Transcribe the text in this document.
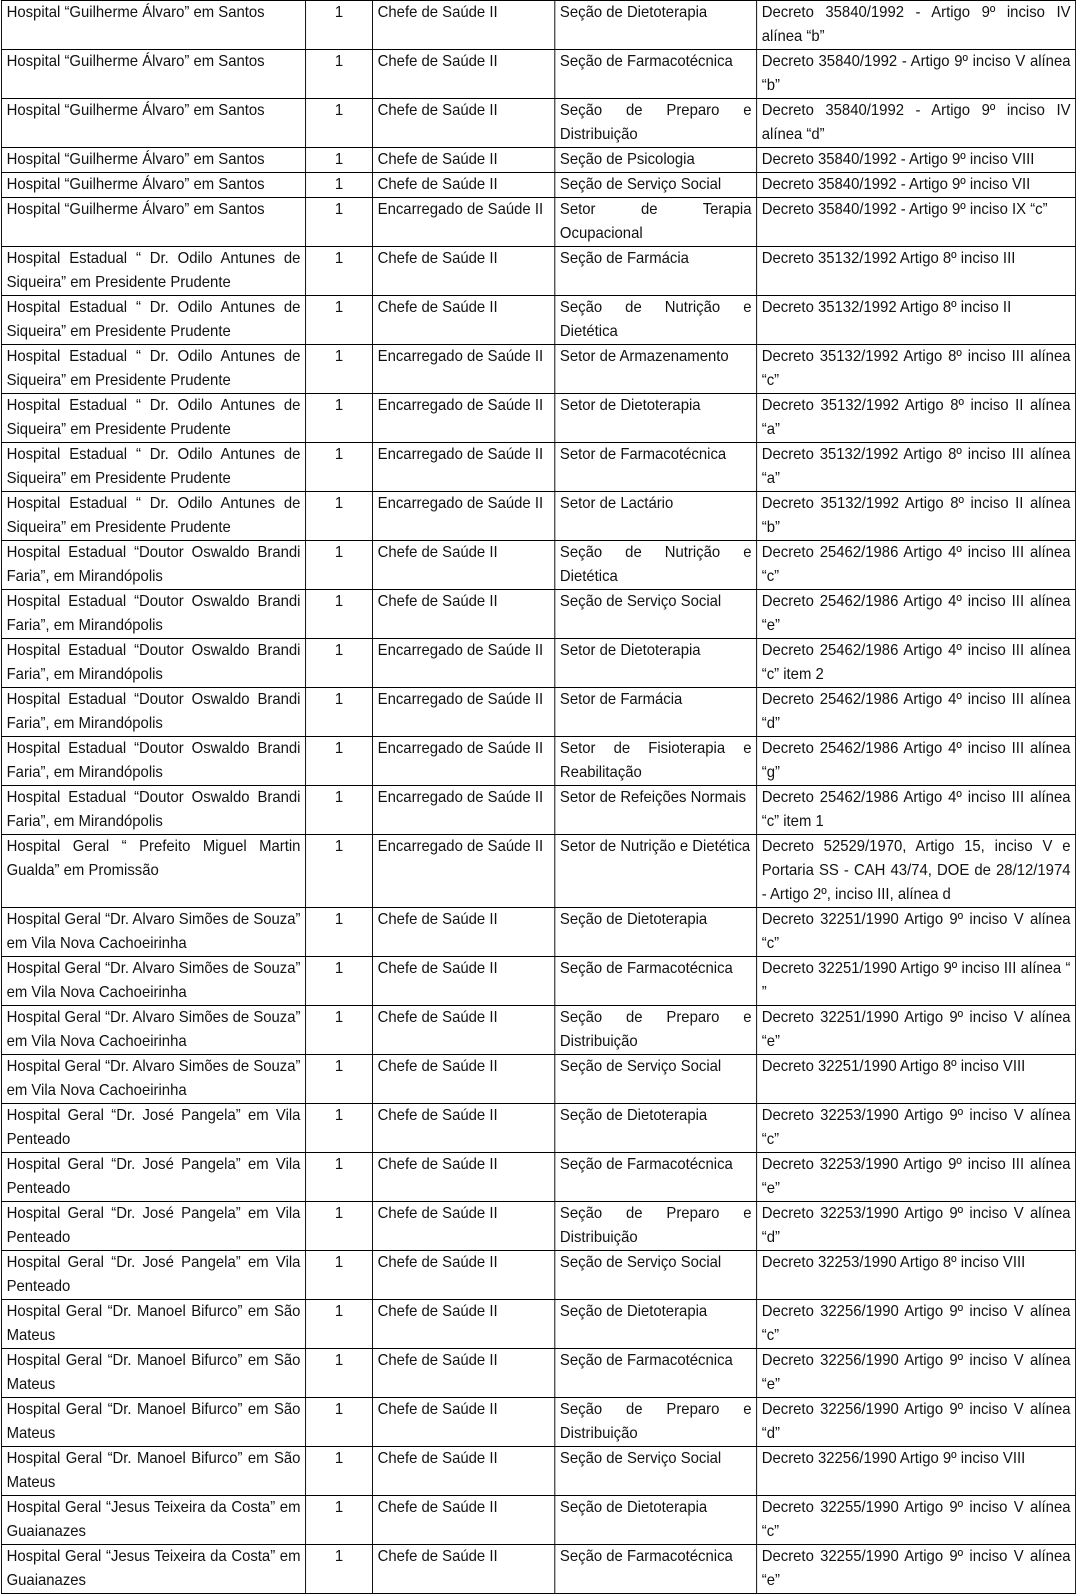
Hospital “Guilherme Álvaro” em Santos	1	Chefe de Saúde II	Seção de Dietoterapia	Decreto 35840/1992 - Artigo 9º inciso IV alínea “b”
Hospital “Guilherme Álvaro” em Santos	1	Chefe de Saúde II	Seção de Farmacotécnica	Decreto 35840/1992 - Artigo 9º inciso V alínea “b”
Hospital “Guilherme Álvaro” em Santos	1	Chefe de Saúde II	Seção de Preparo e Distribuição	Decreto 35840/1992 - Artigo 9º inciso IV alínea “d”
Hospital “Guilherme Álvaro” em Santos	1	Chefe de Saúde II	Seção de Psicologia	Decreto 35840/1992 - Artigo 9º inciso VIII
Hospital “Guilherme Álvaro” em Santos	1	Chefe de Saúde II	Seção de Serviço Social	Decreto 35840/1992 - Artigo 9º inciso VII
Hospital “Guilherme Álvaro” em Santos	1	Encarregado de Saúde II	Setor de Terapia Ocupacional	Decreto 35840/1992 - Artigo 9º inciso IX “c”
Hospital Estadual “ Dr. Odilo Antunes de Siqueira” em Presidente Prudente	1	Chefe de Saúde II	Seção de Farmácia	Decreto 35132/1992 Artigo 8º inciso III
Hospital Estadual “ Dr. Odilo Antunes de Siqueira” em Presidente Prudente	1	Chefe de Saúde II	Seção de Nutrição e Dietética	Decreto 35132/1992 Artigo 8º inciso II
Hospital Estadual “ Dr. Odilo Antunes de Siqueira” em Presidente Prudente	1	Encarregado de Saúde II	Setor de Armazenamento	Decreto 35132/1992 Artigo 8º inciso III alínea “c”
Hospital Estadual “ Dr. Odilo Antunes de Siqueira” em Presidente Prudente	1	Encarregado de Saúde II	Setor de Dietoterapia	Decreto 35132/1992 Artigo 8º inciso II alínea “a”
Hospital Estadual “ Dr. Odilo Antunes de Siqueira” em Presidente Prudente	1	Encarregado de Saúde II	Setor de Farmacotécnica	Decreto 35132/1992 Artigo 8º inciso III alínea “a”
Hospital Estadual “ Dr. Odilo Antunes de Siqueira” em Presidente Prudente	1	Encarregado de Saúde II	Setor de Lactário	Decreto 35132/1992 Artigo 8º inciso II alínea “b”
Hospital Estadual “Doutor Oswaldo Brandi Faria”, em Mirandópolis	1	Chefe de Saúde II	Seção de Nutrição e Dietética	Decreto 25462/1986 Artigo 4º inciso III alínea “c”
Hospital Estadual “Doutor Oswaldo Brandi Faria”, em Mirandópolis	1	Chefe de Saúde II	Seção de Serviço Social	Decreto 25462/1986 Artigo 4º inciso III alínea “e”
Hospital Estadual “Doutor Oswaldo Brandi Faria”, em Mirandópolis	1	Encarregado de Saúde II	Setor de Dietoterapia	Decreto 25462/1986 Artigo 4º inciso III alínea “c” item 2
Hospital Estadual “Doutor Oswaldo Brandi Faria”, em Mirandópolis	1	Encarregado de Saúde II	Setor de Farmácia	Decreto 25462/1986 Artigo 4º inciso III alínea “d”
Hospital Estadual “Doutor Oswaldo Brandi Faria”, em Mirandópolis	1	Encarregado de Saúde II	Setor de Fisioterapia e Reabilitação	Decreto 25462/1986 Artigo 4º inciso III alínea “g”
Hospital Estadual “Doutor Oswaldo Brandi Faria”, em Mirandópolis	1	Encarregado de Saúde II	Setor de Refeições Normais	Decreto 25462/1986 Artigo 4º inciso III alínea “c” item 1
Hospital Geral “ Prefeito Miguel Martin Gualda” em Promissão	1	Encarregado de Saúde II	Setor de Nutrição e Dietética	Decreto 52529/1970, Artigo 15, inciso V e Portaria SS - CAH 43/74, DOE de 28/12/1974 - Artigo 2º, inciso III, alínea d
Hospital Geral “Dr. Alvaro Simões de Souza” em Vila Nova Cachoeirinha	1	Chefe de Saúde II	Seção de Dietoterapia	Decreto 32251/1990 Artigo 9º inciso V alínea “c”
Hospital Geral “Dr. Alvaro Simões de Souza” em Vila Nova Cachoeirinha	1	Chefe de Saúde II	Seção de Farmacotécnica	Decreto 32251/1990 Artigo 9º inciso III alínea “ ”
Hospital Geral “Dr. Alvaro Simões de Souza” em Vila Nova Cachoeirinha	1	Chefe de Saúde II	Seção de Preparo e Distribuição	Decreto 32251/1990 Artigo 9º inciso V alínea “e”
Hospital Geral “Dr. Alvaro Simões de Souza” em Vila Nova Cachoeirinha	1	Chefe de Saúde II	Seção de Serviço Social	Decreto 32251/1990 Artigo 8º inciso VIII
Hospital Geral “Dr. José Pangela” em Vila Penteado	1	Chefe de Saúde II	Seção de Dietoterapia	Decreto 32253/1990 Artigo 9º inciso V alínea “c”
Hospital Geral “Dr. José Pangela” em Vila Penteado	1	Chefe de Saúde II	Seção de Farmacotécnica	Decreto 32253/1990 Artigo 9º inciso III alínea “e”
Hospital Geral “Dr. José Pangela” em Vila Penteado	1	Chefe de Saúde II	Seção de Preparo e Distribuição	Decreto 32253/1990 Artigo 9º inciso V alínea “d”
Hospital Geral “Dr. José Pangela” em Vila Penteado	1	Chefe de Saúde II	Seção de Serviço Social	Decreto 32253/1990 Artigo 8º inciso VIII
Hospital Geral “Dr. Manoel Bifurco” em São Mateus	1	Chefe de Saúde II	Seção de Dietoterapia	Decreto 32256/1990 Artigo 9º inciso V alínea “c”
Hospital Geral “Dr. Manoel Bifurco” em São Mateus	1	Chefe de Saúde II	Seção de Farmacotécnica	Decreto 32256/1990 Artigo 9º inciso V alínea “e”
Hospital Geral “Dr. Manoel Bifurco” em São Mateus	1	Chefe de Saúde II	Seção de Preparo e Distribuição	Decreto 32256/1990 Artigo 9º inciso V alínea “d”
Hospital Geral “Dr. Manoel Bifurco” em São Mateus	1	Chefe de Saúde II	Seção de Serviço Social	Decreto 32256/1990 Artigo 9º inciso VIII
Hospital Geral “Jesus Teixeira da Costa” em Guaianazes	1	Chefe de Saúde II	Seção de Dietoterapia	Decreto 32255/1990 Artigo 9º inciso V alínea “c”
Hospital Geral “Jesus Teixeira da Costa” em Guaianazes	1	Chefe de Saúde II	Seção de Farmacotécnica	Decreto 32255/1990 Artigo 9º inciso V alínea “e”
